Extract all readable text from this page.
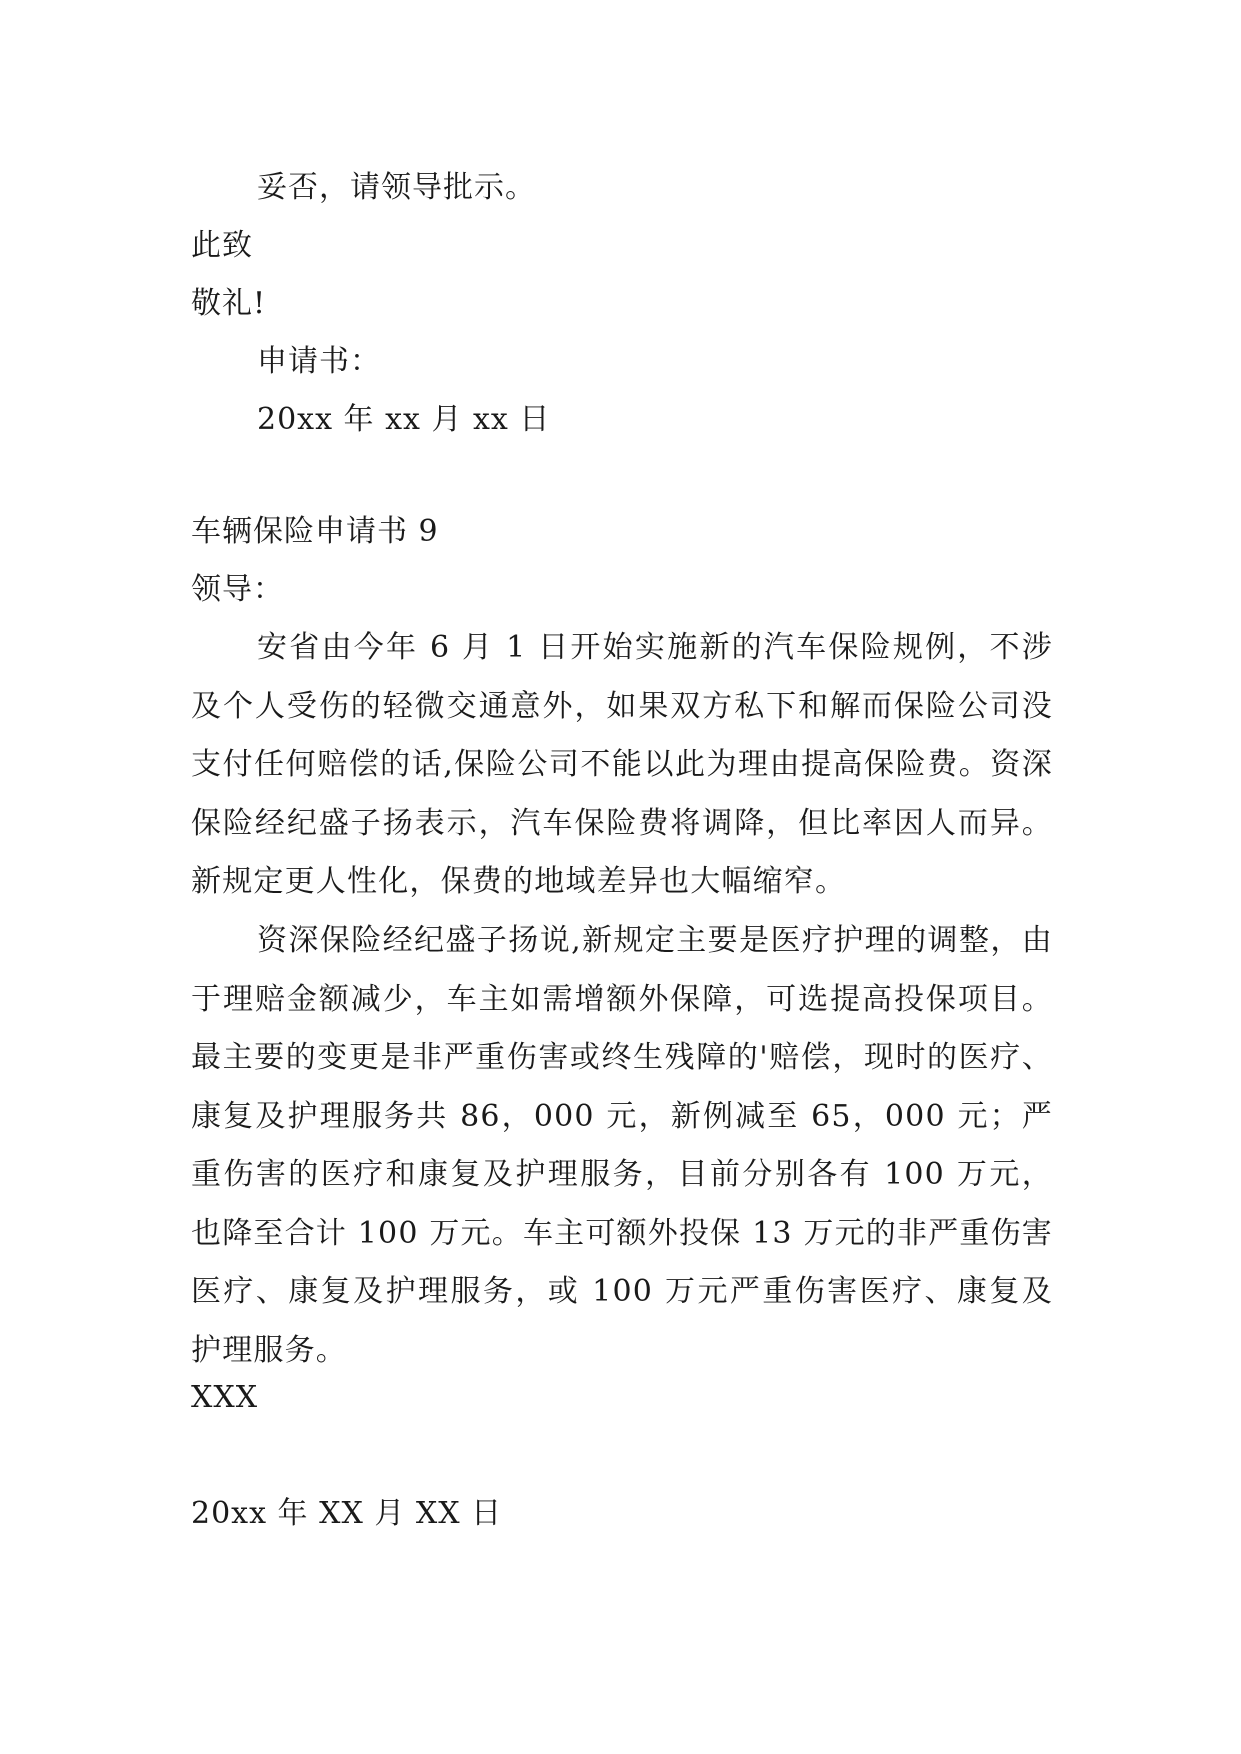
妥否，请领导批示。
此致
敬礼!
申请书：
20xx 年 xx 月 xx 日
车辆保险申请书 9
领导：
安省由今年 6 月 1 日开始实施新的汽车保险规例，不涉及个人受伤的轻微交通意外，如果双方私下和解而保险公司没支付任何赔偿的话,保险公司不能以此为理由提高保险费。资深保险经纪盛子扬表示，汽车保险费将调降，但比率因人而异。新规定更人性化，保费的地域差异也大幅缩窄。
资深保险经纪盛子扬说,新规定主要是医疗护理的调整，由于理赔金额减少，车主如需增额外保障，可选提高投保项目。最主要的变更是非严重伤害或终生残障的'赔偿，现时的医疗、康复及护理服务共 86，000 元，新例减至 65，000 元；严重伤害的医疗和康复及护理服务，目前分别各有 100 万元，也降至合计 100 万元。车主可额外投保 13 万元的非严重伤害医疗、康复及护理服务，或 100 万元严重伤害医疗、康复及护理服务。
XXX
20xx 年 XX 月 XX 日
